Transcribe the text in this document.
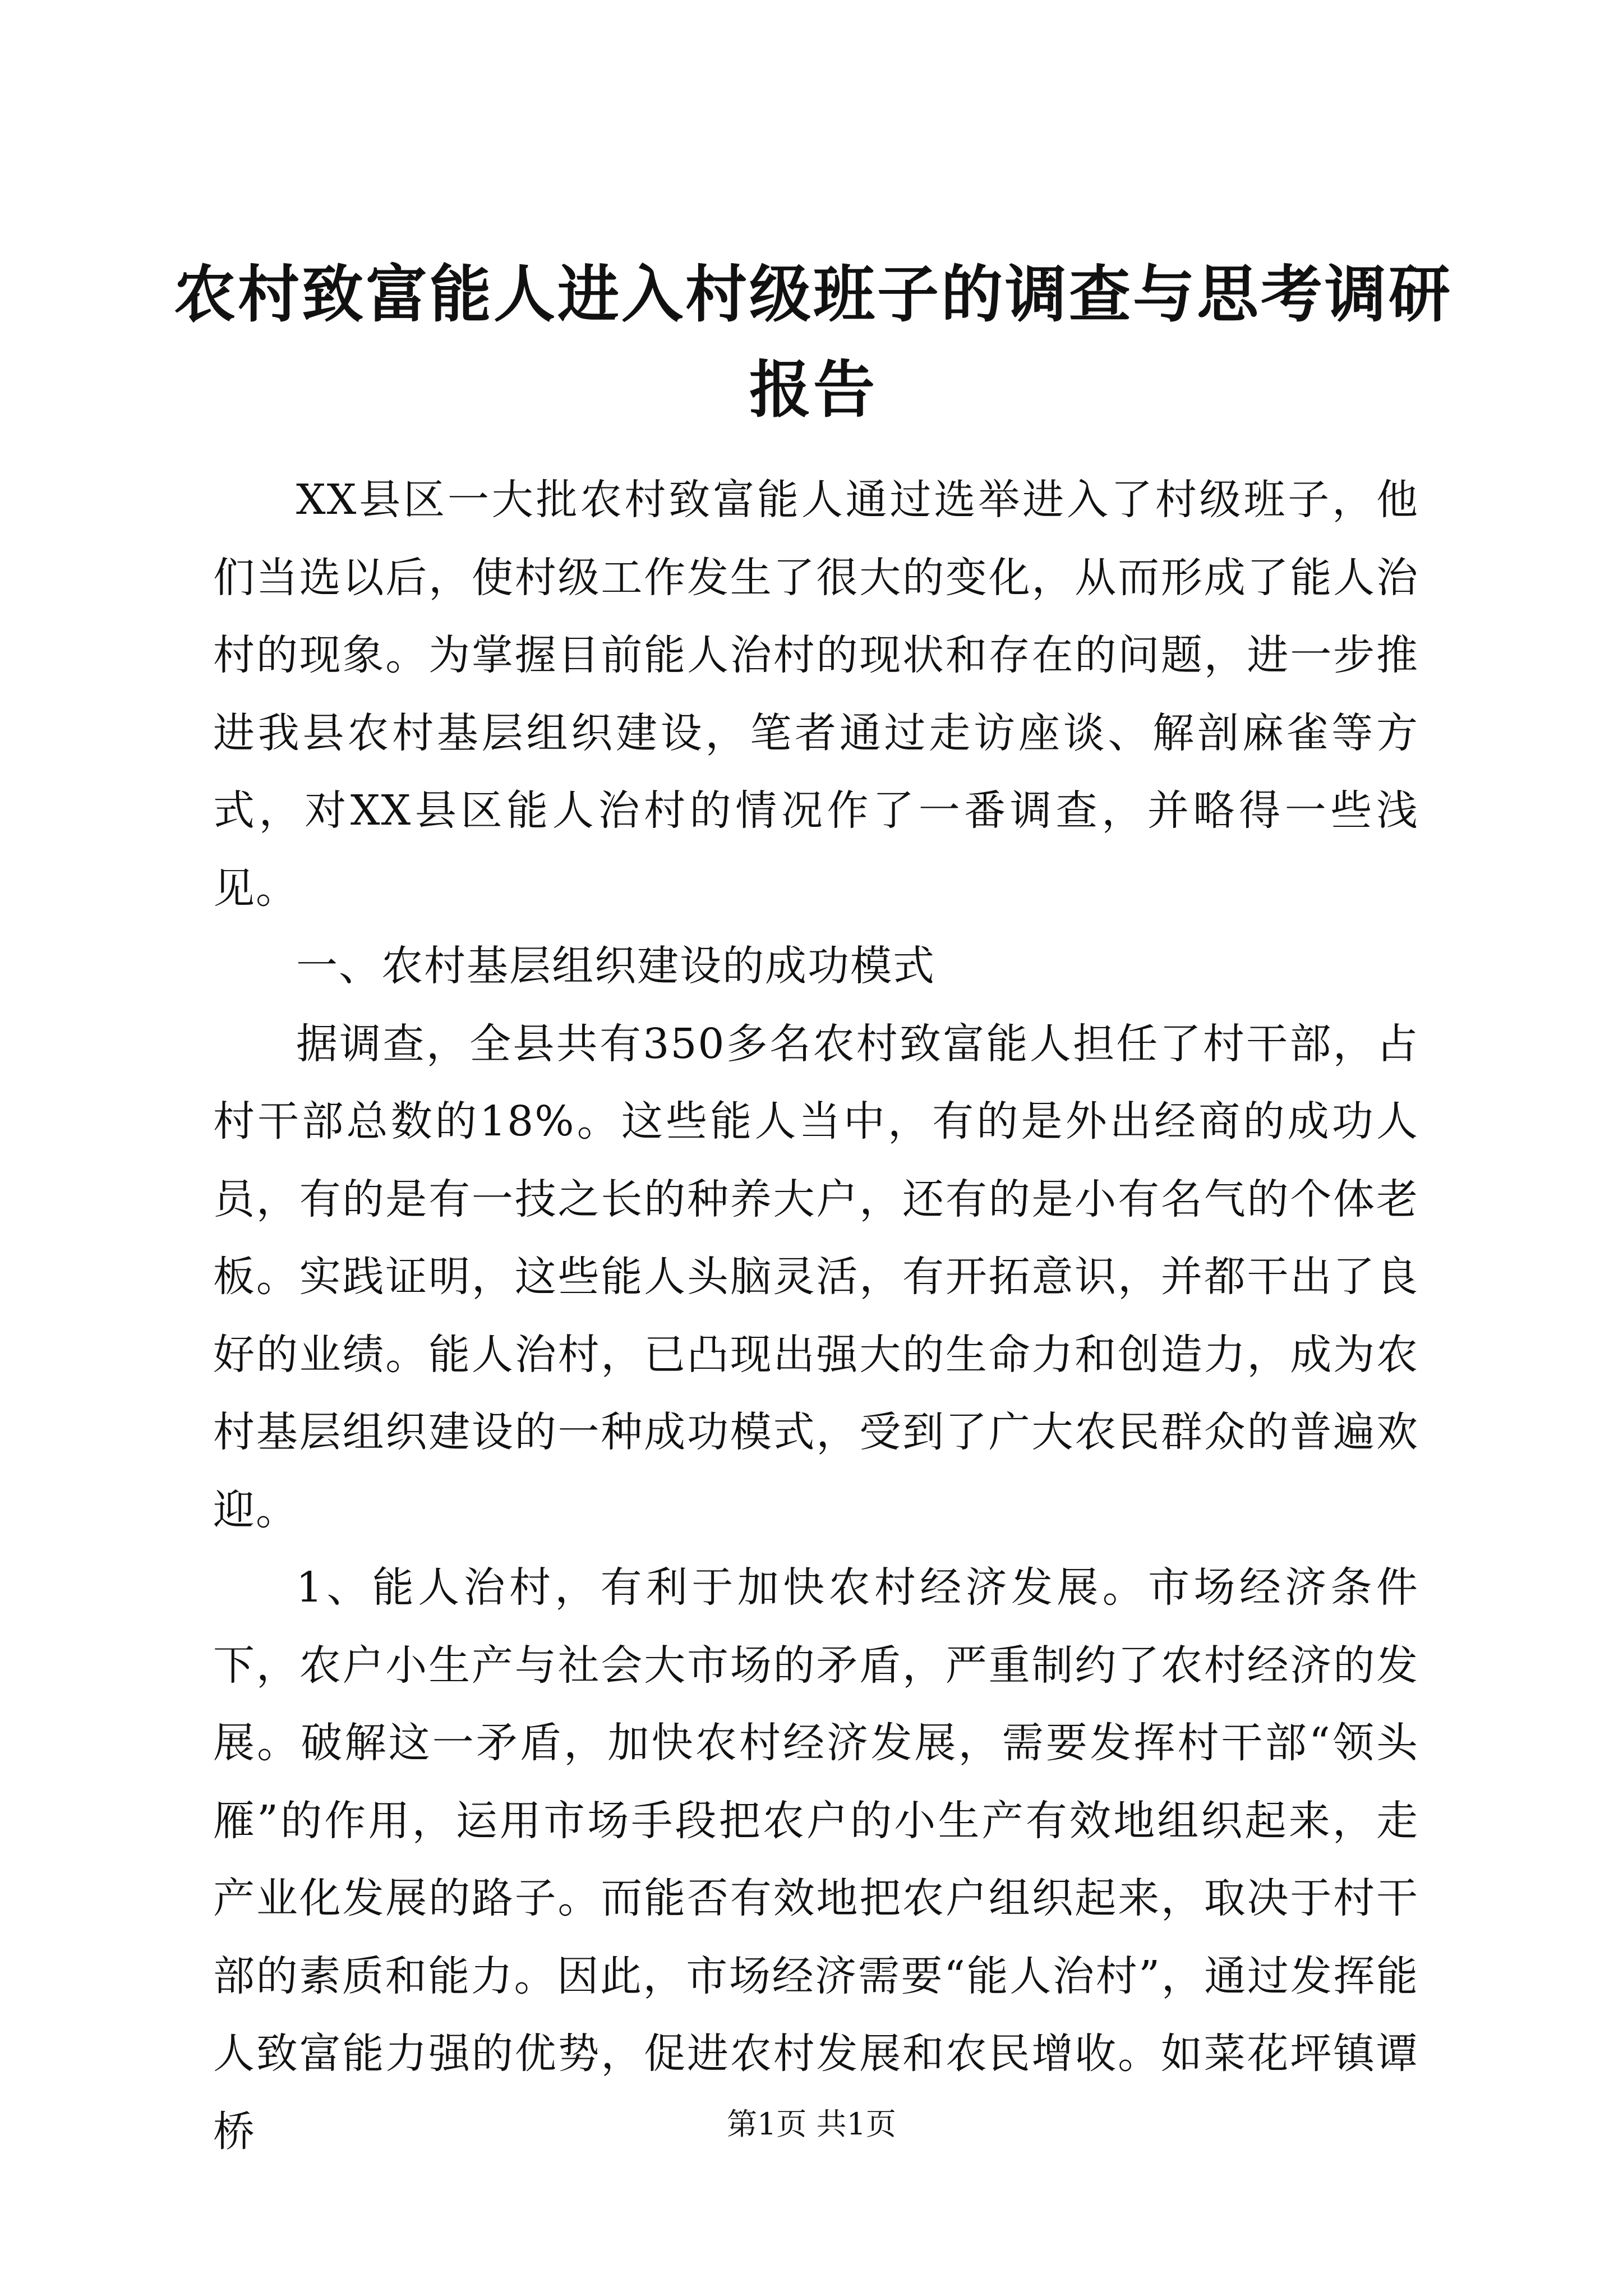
农村致富能人进入村级班子的调查与思考调研报告

XX县区一大批农村致富能人通过选举进入了村级班子，他们当选以后，使村级工作发生了很大的变化，从而形成了能人治村的现象。为掌握目前能人治村的现状和存在的问题，进一步推进我县农村基层组织建设，笔者通过走访座谈、解剖麻雀等方式，对XX县区能人治村的情况作了一番调查，并略得一些浅见。

一、农村基层组织建设的成功模式

据调查，全县共有350多名农村致富能人担任了村干部，占村干部总数的18%。这些能人当中，有的是外出经商的成功人员，有的是有一技之长的种养大户，还有的是小有名气的个体老板。实践证明，这些能人头脑灵活，有开拓意识，并都干出了良好的业绩。能人治村，已凸现出强大的生命力和创造力，成为农村基层组织建设的一种成功模式，受到了广大农民群众的普遍欢迎。

1、能人治村，有利于加快农村经济发展。市场经济条件下，农户小生产与社会大市场的矛盾，严重制约了农村经济的发展。破解这一矛盾，加快农村经济发展，需要发挥村干部“领头雁”的作用，运用市场手段把农户的小生产有效地组织起来，走产业化发展的路子。而能否有效地把农户组织起来，取决于村干部的素质和能力。因此，市场经济需要“能人治村”，通过发挥能人致富能力强的优势，促进农村发展和农民增收。如菜花坪镇谭桥	第1页 共1页
